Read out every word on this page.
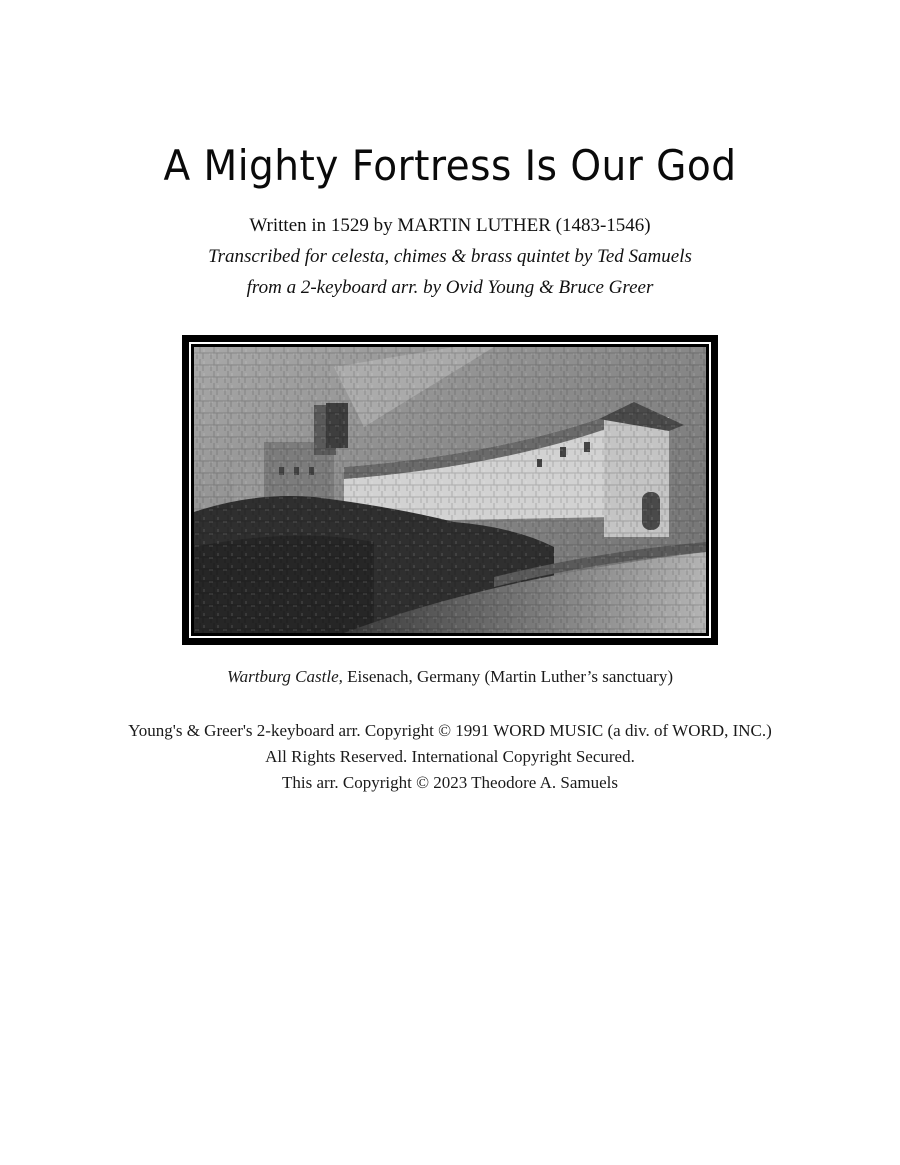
A Mighty Fortress Is Our God
Written in 1529 by MARTIN LUTHER (1483-1546)
Transcribed for celesta, chimes & brass quintet by Ted Samuels
from a 2-keyboard arr. by Ovid Young & Bruce Greer
Wartburg Castle, Eisenach, Germany (Martin Luther’s sanctuary)
Young's & Greer's 2-keyboard arr. Copyright © 1991 WORD MUSIC (a div. of WORD, INC.)
All Rights Reserved. International Copyright Secured.
This arr. Copyright © 2023 Theodore A. Samuels
